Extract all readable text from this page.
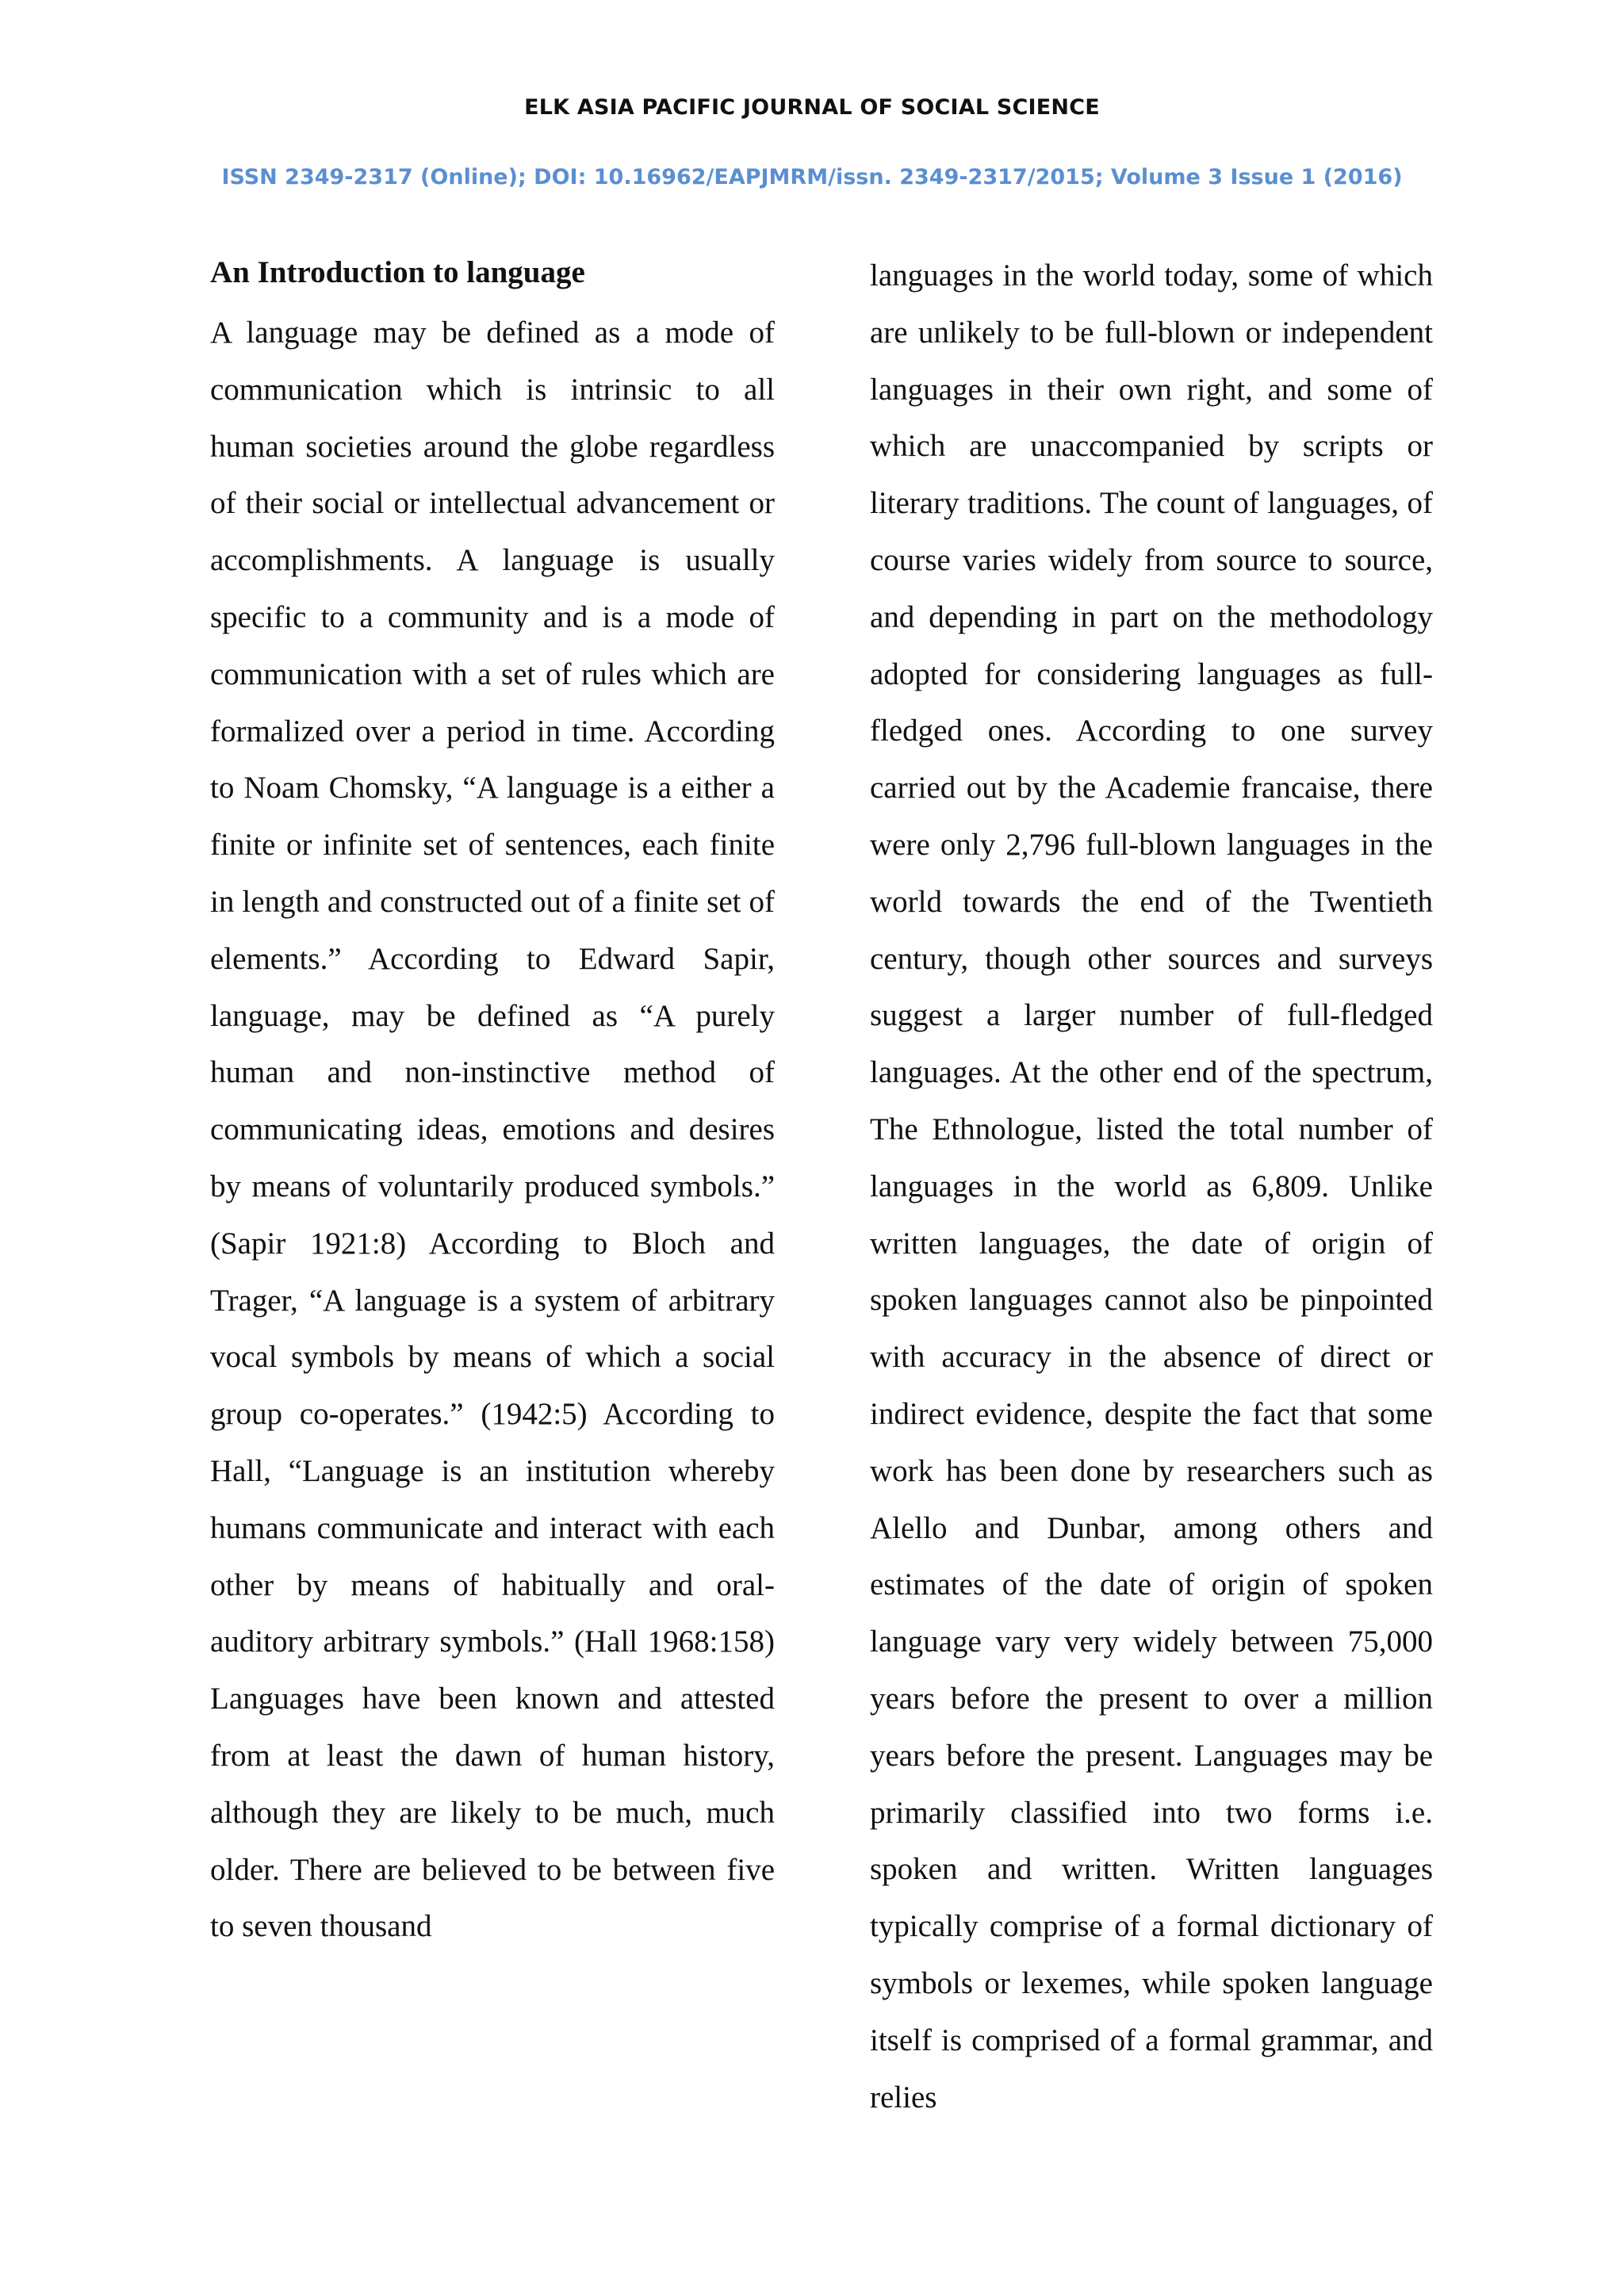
ELK ASIA PACIFIC JOURNAL OF SOCIAL SCIENCE
ISSN 2349-2317 (Online); DOI: 10.16962/EAPJMRM/issn. 2349-2317/2015; Volume 3 Issue 1 (2016)
An Introduction to language

A language may be defined as a mode of communication which is intrinsic to all human societies around the globe regardless of their social or intellectual advancement or accomplishments. A language is usually specific to a community and is a mode of communication with a set of rules which are formalized over a period in time. According to Noam Chomsky, “A language is a either a finite or infinite set of sentences, each finite in length and constructed out of a finite set of elements.” According to Edward Sapir, language, may be defined as “A purely human and non-instinctive method of communicating ideas, emotions and desires by means of voluntarily produced symbols.” (Sapir 1921:8) According to Bloch and Trager, “A language is a system of arbitrary vocal symbols by means of which a social group co-operates.” (1942:5) According to Hall, “Language is an institution whereby humans communicate and interact with each other by means of habitually and oral-auditory arbitrary symbols.” (Hall 1968:158) Languages have been known and attested from at least the dawn of human history, although they are likely to be much, much older. There are believed to be between five to seven thousand

languages in the world today, some of which are unlikely to be full-blown or independent languages in their own right, and some of which are unaccompanied by scripts or literary traditions. The count of languages, of course varies widely from source to source, and depending in part on the methodology adopted for considering languages as full-fledged ones. According to one survey carried out by the Academie francaise, there were only 2,796 full-blown languages in the world towards the end of the Twentieth century, though other sources and surveys suggest a larger number of full-fledged languages. At the other end of the spectrum, The Ethnologue, listed the total number of languages in the world as 6,809. Unlike written languages, the date of origin of spoken languages cannot also be pinpointed with accuracy in the absence of direct or indirect evidence, despite the fact that some work has been done by researchers such as Alello and Dunbar, among others and estimates of the date of origin of spoken language vary very widely between 75,000 years before the present to over a million years before the present. Languages may be primarily classified into two forms i.e. spoken and written. Written languages typically comprise of a formal dictionary of symbols or lexemes, while spoken language itself is comprised of a formal grammar, and relies
